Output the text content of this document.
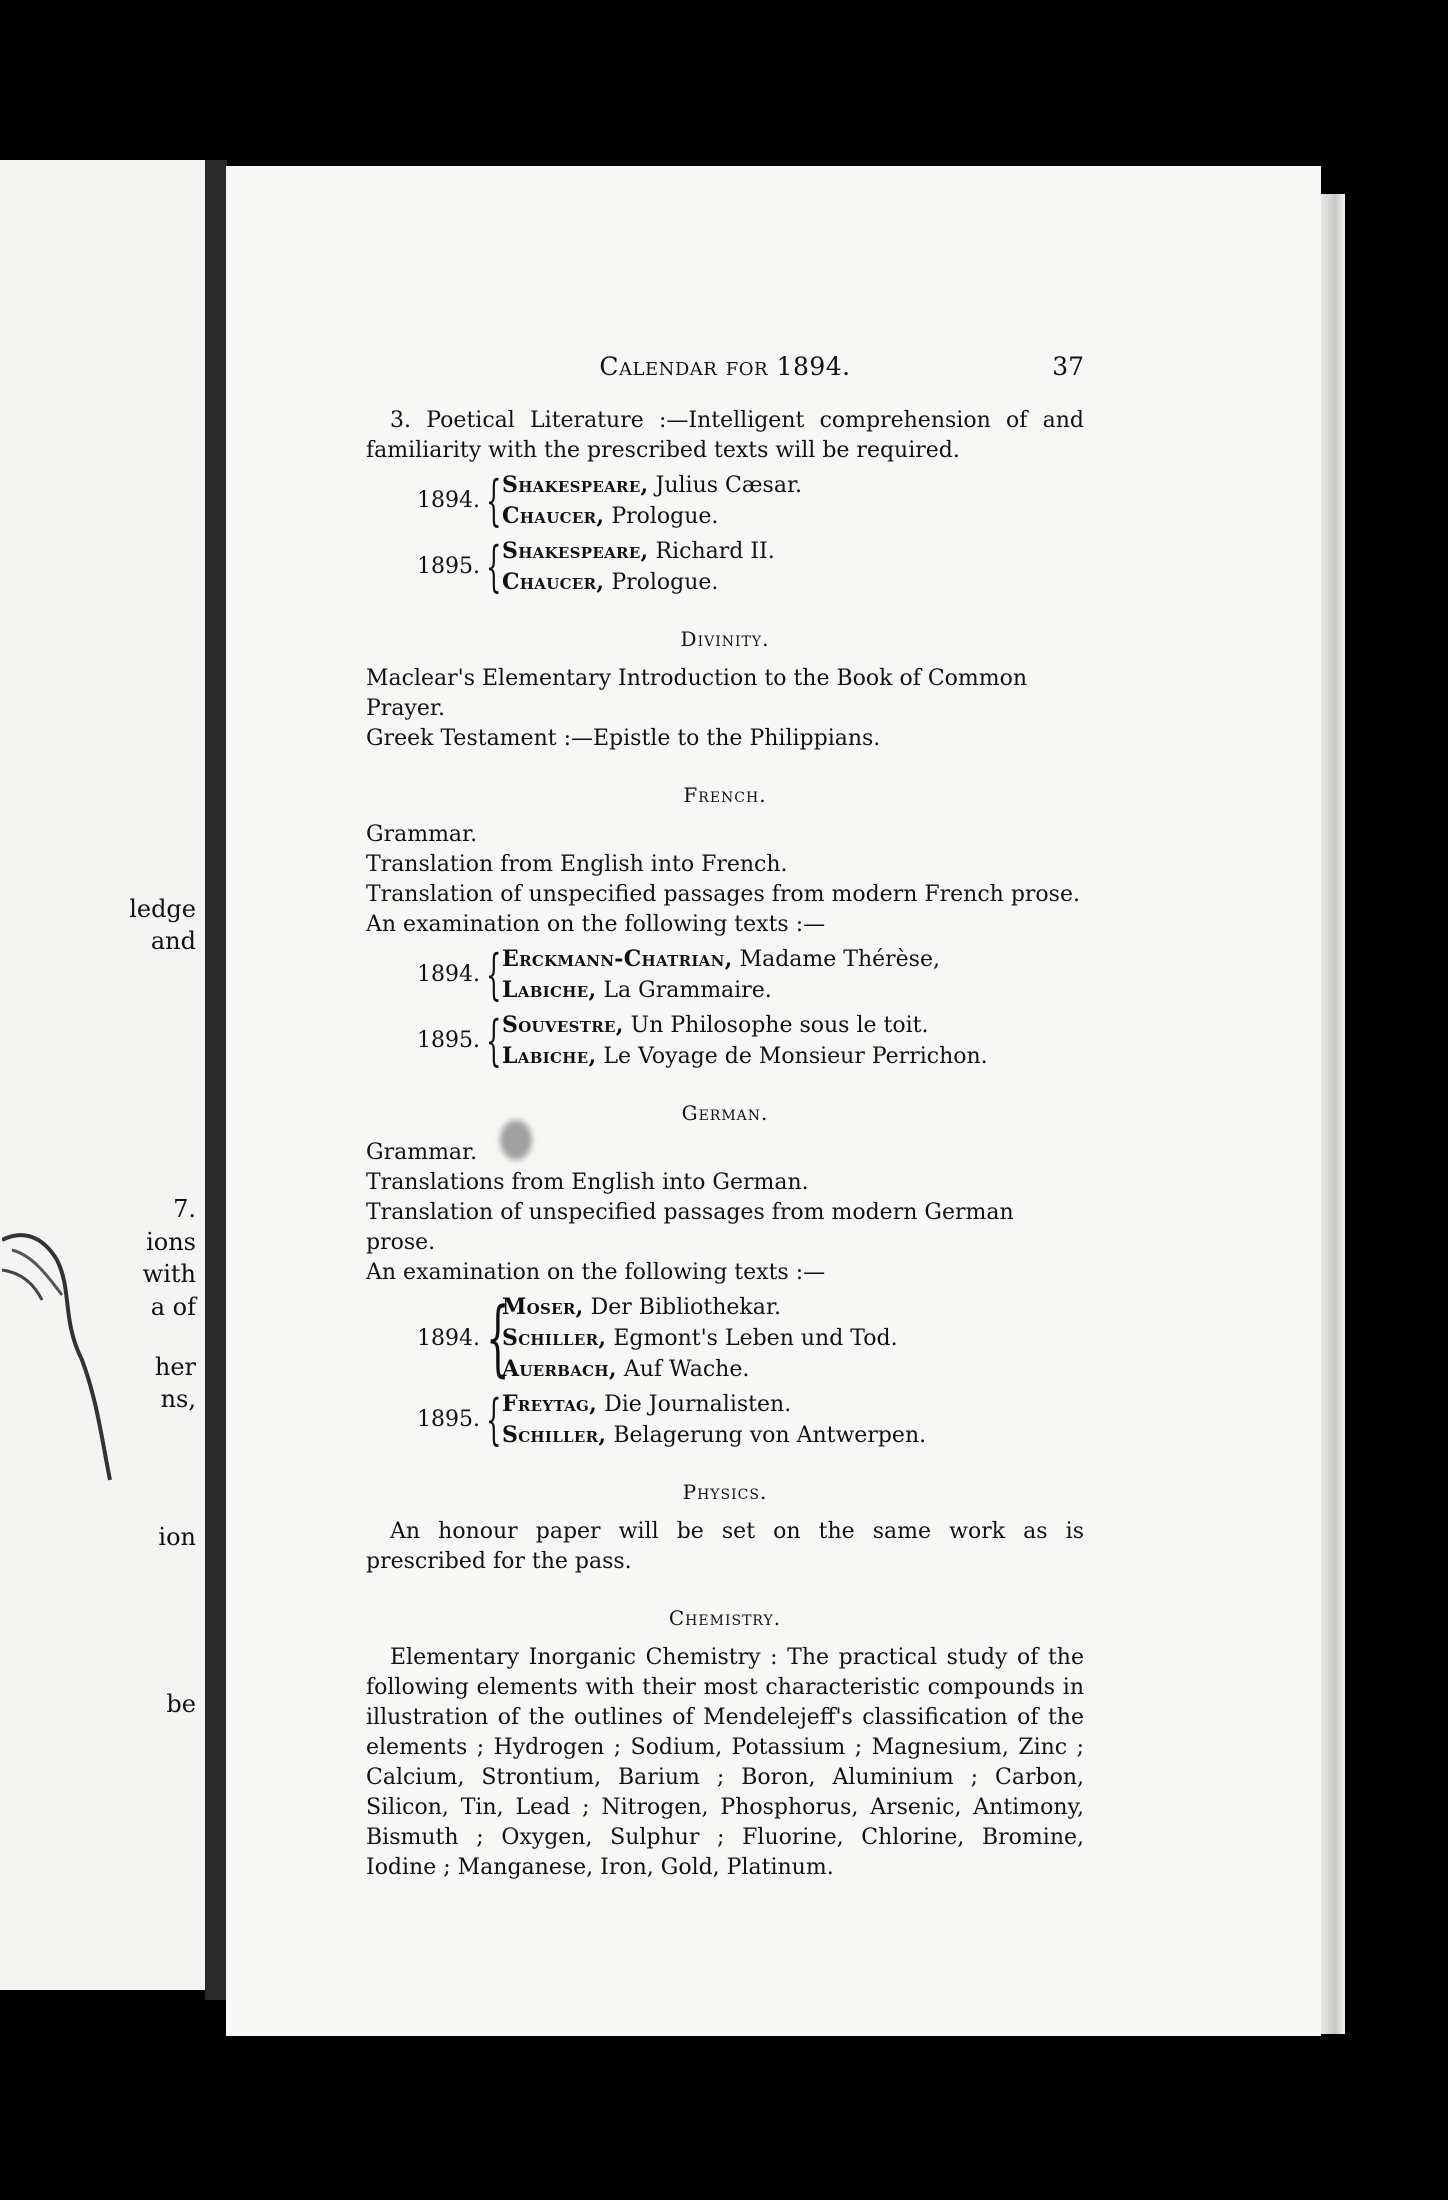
ledge
and
7.
ions
with
a of
her
ns,
ion
be
Calendar for 1894.	37

3. Poetical Literature :—Intelligent comprehension of and familiarity with the prescribed texts will be required.

1894. { Shakespeare, Julius Cæsar.
Chaucer, Prologue.
1895. { Shakespeare, Richard II.
Chaucer, Prologue.
Divinity.

Maclear's Elementary Introduction to the Book of Common Prayer.

Greek Testament :—Epistle to the Philippians.

French.

Grammar.

Translation from English into French.

Translation of unspecified passages from modern French prose.

An examination on the following texts :—

1894. { Erckmann-Chatrian, Madame Thérèse,
Labiche, La Grammaire.
1895. { Souvestre, Un Philosophe sous le toit.
Labiche, Le Voyage de Monsieur Perrichon.
German.

Grammar.

Translations from English into German.

Translation of unspecified passages from modern German prose.

An examination on the following texts :—

1894. {
Moser, Der Bibliothekar.
Schiller, Egmont's Leben und Tod.
Auerbach, Auf Wache.
1895. { Freytag, Die Journalisten.
Schiller, Belagerung von Antwerpen.
Physics.

An honour paper will be set on the same work as is prescribed for the pass.

Chemistry.

Elementary Inorganic Chemistry : The practical study of the following elements with their most characteristic compounds in illustration of the outlines of Mendelejeff's classification of the elements ; Hydrogen ; Sodium, Potassium ; Magnesium, Zinc ; Calcium, Strontium, Barium ; Boron, Aluminium ; Carbon, Silicon, Tin, Lead ; Nitrogen, Phosphorus, Arsenic, Antimony, Bismuth ; Oxygen, Sulphur ; Fluorine, Chlorine, Bromine, Iodine ; Manganese, Iron, Gold, Platinum.
